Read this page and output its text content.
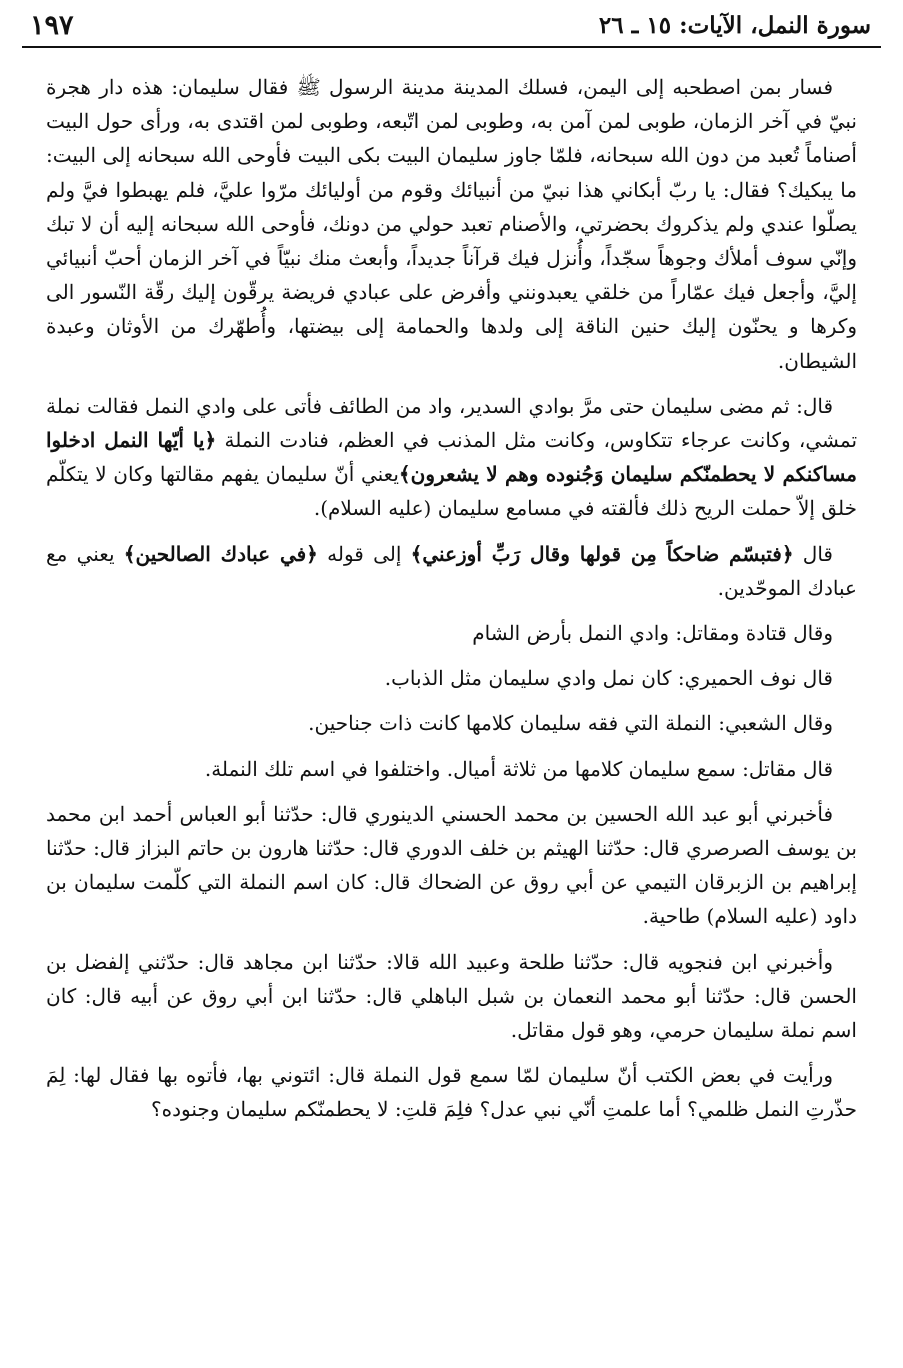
سورة النمل، الآيات: ١٥ ـ ٢٦
١٩٧

فسار بمن اصطحبه إلى اليمن، فسلك المدينة مدينة الرسول ﷺ فقال سليمان: هذه دار هجرة نبيّ في آخر الزمان، طوبى لمن آمن به، وطوبى لمن اتّبعه، وطوبى لمن اقتدى به، ورأى حول البيت أصناماً تُعبد من دون الله سبحانه، فلمّا جاوز سليمان البيت بكى البيت فأوحى الله سبحانه إلى البيت: ما يبكيك؟ فقال: يا ربّ أبكاني هذا نبيّ من أنبيائك وقوم من أوليائك مرّوا عليَّ، فلم يهبطوا فيَّ ولم يصلّوا عندي ولم يذكروك بحضرتي، والأصنام تعبد حولي من دونك، فأوحى الله سبحانه إليه أن لا تبك وإنّي سوف أملأك وجوهاً سجّداً، وأُنزل فيك قرآناً جديداً، وأبعث منك نبيّاً في آخر الزمان أحبّ أنبيائي إليَّ، وأجعل فيك عمّاراً من خلقي يعبدونني وأفرض على عبادي فريضة يرقّون إليك رقّة النّسور الى وكرها و يحنّون إليك حنين الناقة إلى ولدها والحمامة إلى بيضتها، وأُطهّرك من الأوثان وعبدة الشيطان.

قال: ثم مضى سليمان حتى مرَّ بوادي السدير، واد من الطائف فأتى على وادي النمل فقالت نملة تمشي، وكانت عرجاء تتكاوس، وكانت مثل المذنب في العظم، فنادت النملة ﴿يا أيّها النمل ادخلوا مساكنكم لا يحطمنّكم سليمان وَجُنوده وهم لا يشعرون﴾يعني أنّ سليمان يفهم مقالتها وكان لا يتكلّم خلق إلاّ حملت الريح ذلك فألقته في مسامع سليمان (عليه السلام).

قال ﴿فتبسّم ضاحكاً مِن قولها وقال رَبِّ أوزعني﴾ إلى قوله ﴿في عبادك الصالحين﴾ يعني مع عبادك الموحّدين.

وقال قتادة ومقاتل: وادي النمل بأرض الشام

قال نوف الحميري: كان نمل وادي سليمان مثل الذباب.

وقال الشعبي: النملة التي فقه سليمان كلامها كانت ذات جناحين.

قال مقاتل: سمع سليمان كلامها من ثلاثة أميال. واختلفوا في اسم تلك النملة.

فأخبرني أبو عبد الله الحسين بن محمد الحسني الدينوري قال: حدّثنا أبو العباس أحمد ابن محمد بن يوسف الصرصري قال: حدّثنا الهيثم بن خلف الدوري قال: حدّثنا هارون بن حاتم البزاز قال: حدّثنا إبراهيم بن الزبرقان التيمي عن أبي روق عن الضحاك قال: كان اسم النملة التي كلّمت سليمان بن داود (عليه السلام) طاحية.

وأخبرني ابن فنجويه قال: حدّثنا طلحة وعبيد الله قالا: حدّثنا ابن مجاهد قال: حدّثني إلفضل بن الحسن قال: حدّثنا أبو محمد النعمان بن شبل الباهلي قال: حدّثنا ابن أبي روق عن أبيه قال: كان اسم نملة سليمان حرمي، وهو قول مقاتل.

ورأيت في بعض الكتب أنّ سليمان لمّا سمع قول النملة قال: ائتوني بها، فأتوه بها فقال لها: لِمَ حذّرتِ النمل ظلمي؟ أما علمتِ أنّي نبي عدل؟ فلِمَ قلتِ: لا يحطمنّكم سليمان وجنوده؟
